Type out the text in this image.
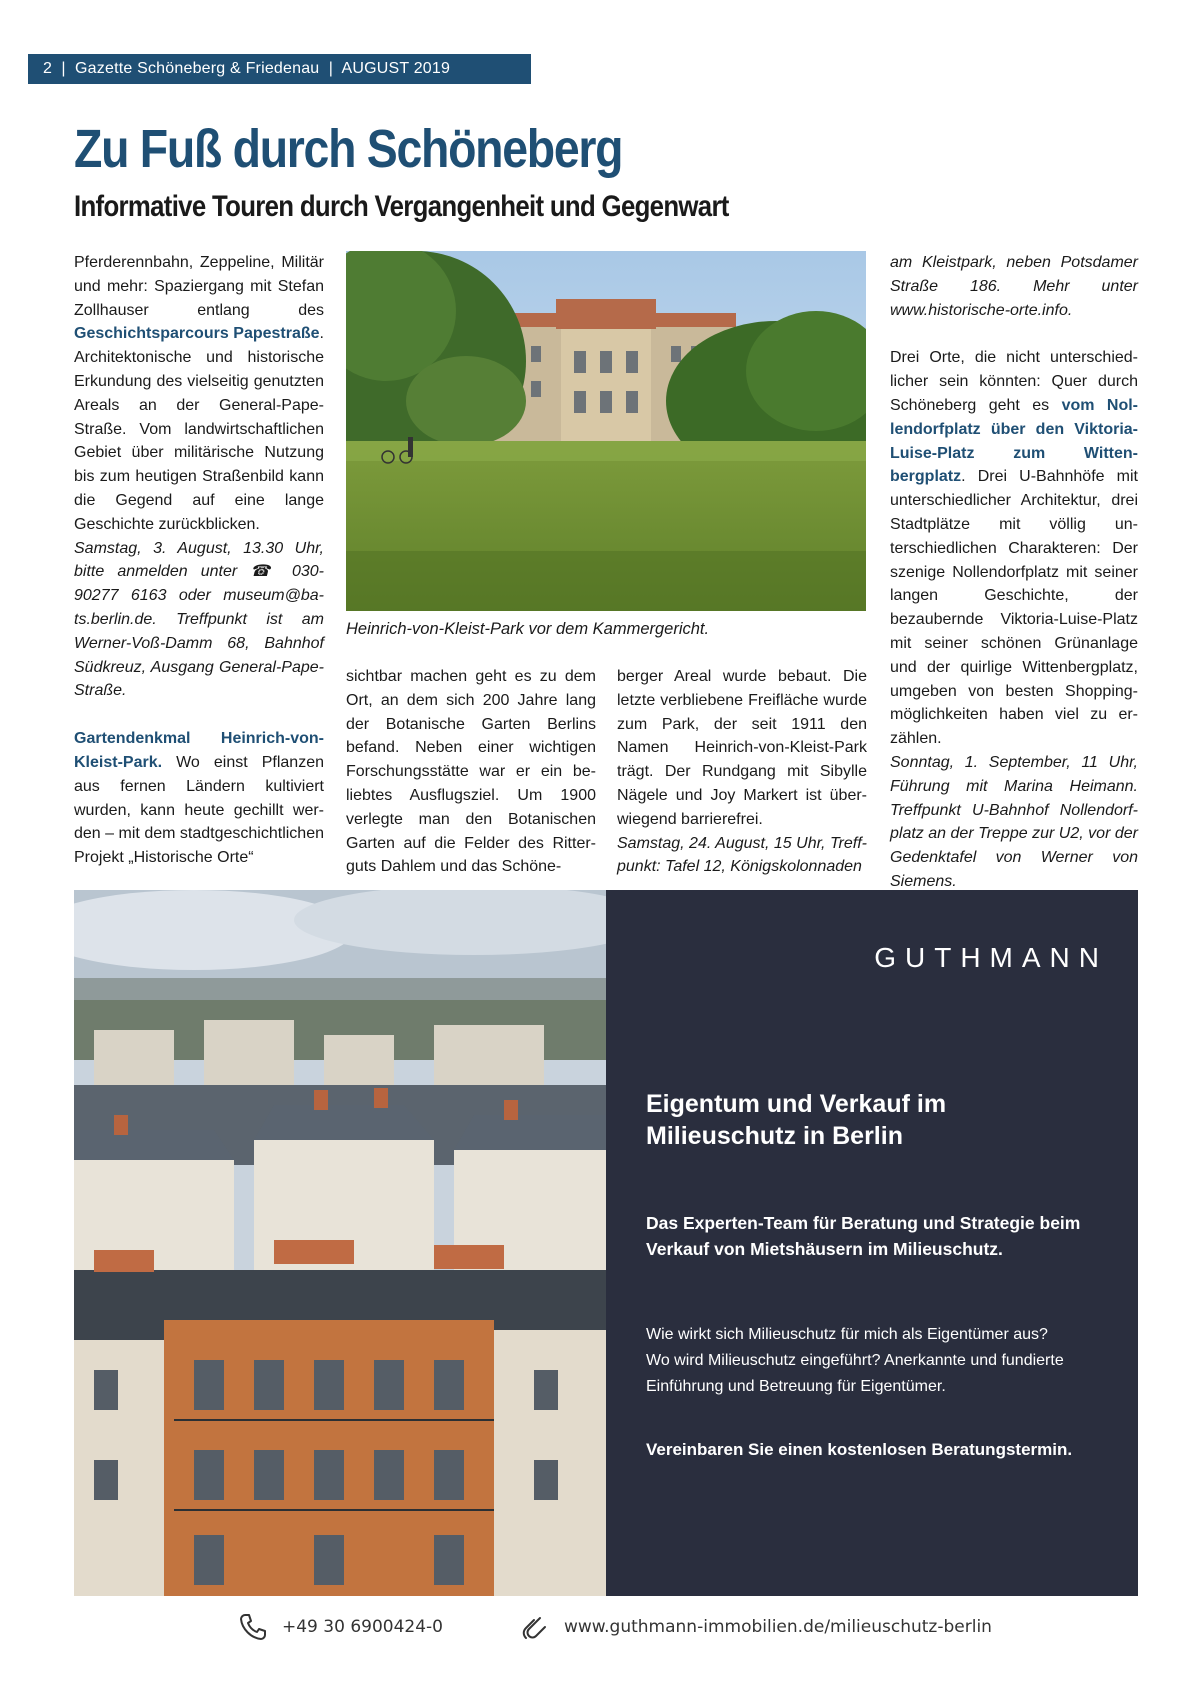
2  |  Gazette Schöneberg & Friedenau  |  AUGUST 2019
Zu Fuß durch Schöneberg
Informative Touren durch Vergangenheit und Gegenwart

Pferderennbahn, Zeppeline, Militär und mehr: Spaziergang mit Stefan Zollhauser entlang des Geschichtsparcours Papestraße. Architektonische und historische Erkundung des vielseitig genutzten Areals an der General-Pape-Straße. Vom landwirtschaftlichen Gebiet über militärische Nutzung bis zum heutigen Straßenbild kann die Gegend auf eine lange Geschichte zurückblicken.

Samstag, 3. August, 13.30 Uhr, bitte anmelden unter ☎ 030-90277 6163 oder museum@bats.berlin.de. Treffpunkt ist am Werner-Voß-Damm 68, Bahnhof Südkreuz, Ausgang General-Pape-Straße.

Gartendenkmal Heinrich-von-Kleist-Park. Wo einst Pflanzen aus fernen Ländern kultiviert wurden, kann heute gechillt werden – mit dem stadtgeschichtlichen Projekt „Historische Orte“

Heinrich-von-Kleist-Park vor dem Kammergericht.

sichtbar machen geht es zu dem Ort, an dem sich 200 Jahre lang der Botanische Garten Berlins befand. Neben einer wichtigen Forschungsstätte war er ein beliebtes Ausflugsziel. Um 1900 verlegte man den Botanischen Garten auf die Felder des Ritterguts Dahlem und das Schöne-

berger Areal wurde bebaut. Die letzte verbliebene Freifläche wurde zum Park, der seit 1911 den Namen Heinrich-von-Kleist-Park trägt. Der Rundgang mit Sibylle Nägele und Joy Markert ist überwiegend barrierefrei.

Samstag, 24. August, 15 Uhr, Treffpunkt: Tafel 12, Königskolonnaden

am Kleistpark, neben Potsdamer Straße 186. Mehr unter www.historische-orte.info.

Drei Orte, die nicht unterschiedlicher sein könnten: Quer durch Schöneberg geht es vom Nollendorfplatz über den Viktoria-Luise-Platz zum Wittenbergplatz. Drei U-Bahnhöfe mit unterschiedlicher Architektur, drei Stadtplätze mit völlig unterschiedlichen Charakteren: Der szenige Nollendorfplatz mit seiner langen Geschichte, der bezaubernde Viktoria-Luise-Platz mit seiner schönen Grünanlage und der quirlige Wittenbergplatz, umgeben von besten Shoppingmöglichkeiten haben viel zu erzählen.

Sonntag, 1. September, 11 Uhr, Führung mit Marina Heimann. Treffpunkt U-Bahnhof Nollendorfplatz an der Treppe zur U2, vor der Gedenktafel von Werner von Siemens.

GUTHMANN

Eigentum und Verkauf im Milieuschutz in Berlin

Das Experten-Team für Beratung und Strategie beim Verkauf von Mietshäusern im Milieuschutz.

Wie wirkt sich Milieuschutz für mich als Eigentümer aus? Wo wird Milieuschutz eingeführt? Anerkannte und fundierte Einführung und Betreuung für Eigentümer.

Vereinbaren Sie einen kostenlosen Beratungstermin.

+49 30 6900424-0	www.guthmann-immobilien.de/milieuschutz-berlin
